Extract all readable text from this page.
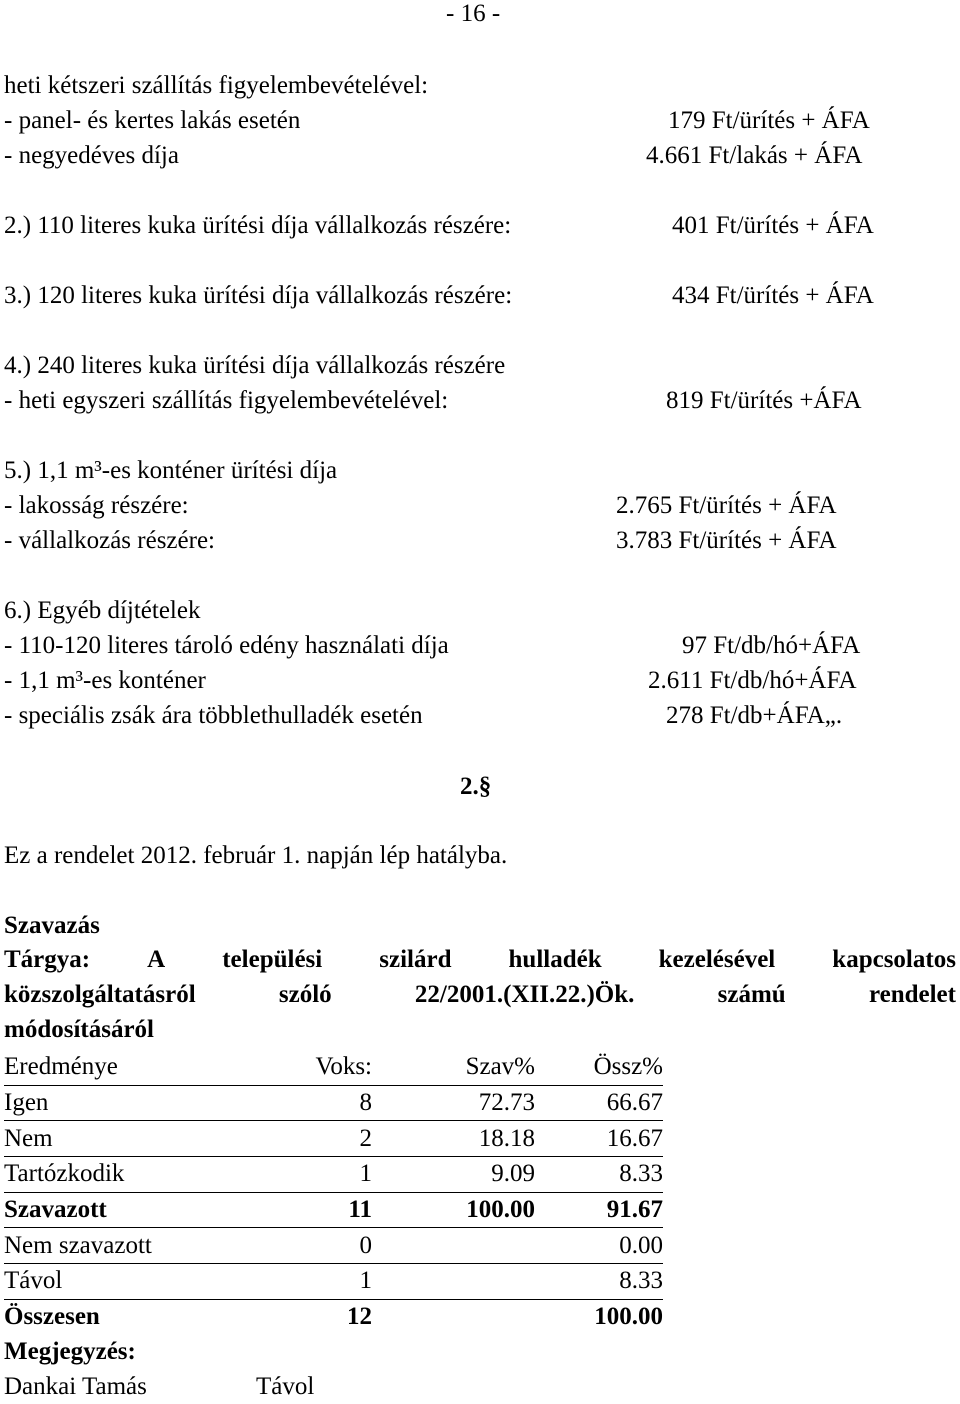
- 16 -
heti kétszeri szállítás figyelembevételével:
- panel- és kertes lakás esetén	179 Ft/ürítés + ÁFA
- negyedéves díja	4.661 Ft/lakás + ÁFA
2.) 110 literes kuka ürítési díja vállalkozás részére:	401 Ft/ürítés + ÁFA
3.) 120 literes kuka ürítési díja vállalkozás részére:	434 Ft/ürítés + ÁFA
4.) 240 literes kuka ürítési díja vállalkozás részére
- heti egyszeri szállítás figyelembevételével:	819 Ft/ürítés +ÁFA
5.) 1,1 m³-es konténer ürítési díja
- lakosság részére:	2.765 Ft/ürítés + ÁFA
- vállalkozás részére:	3.783 Ft/ürítés + ÁFA
6.) Egyéb díjtételek
- 110-120 literes tároló edény használati díja	97 Ft/db/hó+ÁFA
- 1,1 m³-es konténer	2.611 Ft/db/hó+ÁFA
- speciális zsák ára többlethulladék esetén	278 Ft/db+ÁFA„.
2.§
Ez a rendelet 2012. február 1. napján lép hatályba.
Szavazás
Tárgya: A települési szilárd hulladék kezelésével kapcsolatos
közszolgáltatásról	szóló	22/2001.(XII.22.)Ök.	számú	rendelet
módosításáról
Eredménye	Voks:	Szav%	Össz%
Igen	8	72.73	66.67
Nem	2	18.18	16.67
Tartózkodik	1	9.09	8.33
Szavazott	11	100.00	91.67
Nem szavazott	0		0.00
Távol	1		8.33
Összesen	12		100.00
Megjegyzés:			
Dankai Tamás	Távol		
